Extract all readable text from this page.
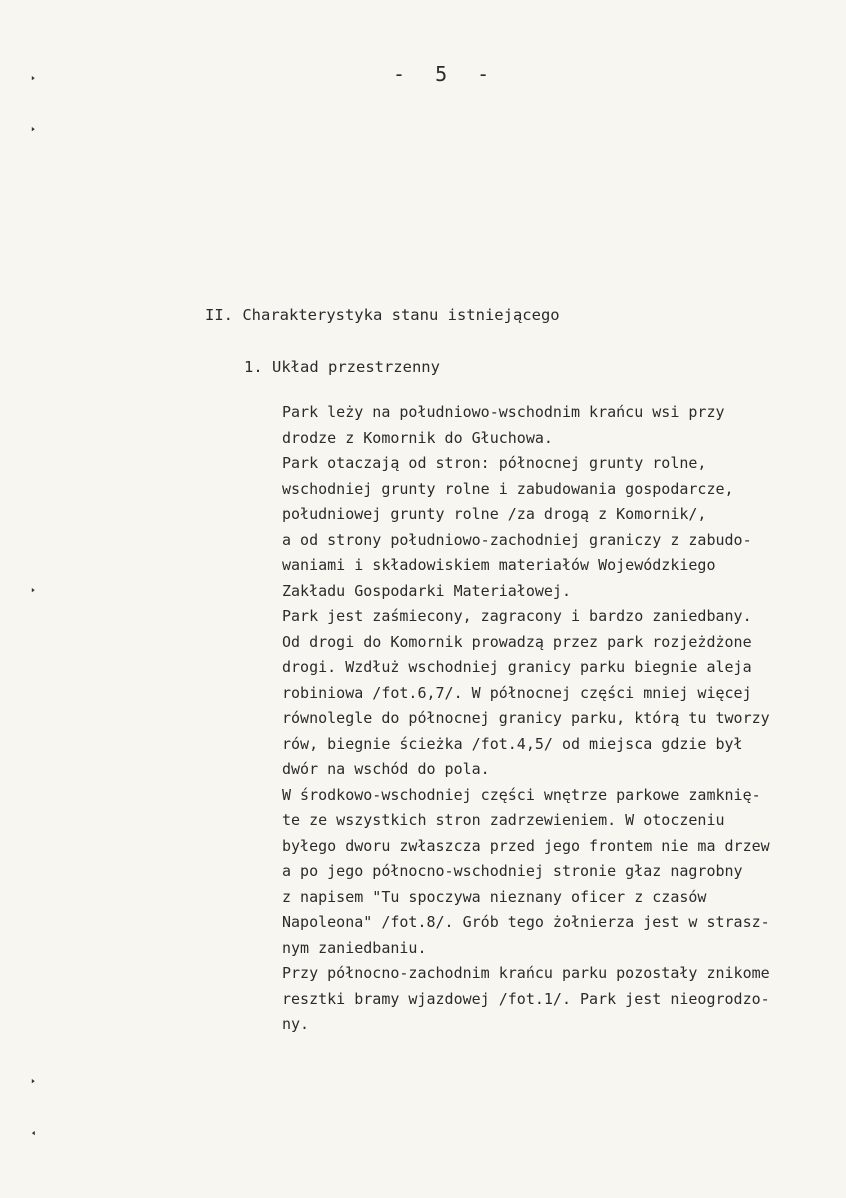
- 5 -
II. Charakterystyka stanu istniejącego
1. Układ przestrzenny
Park leży na południowo-wschodnim krańcu wsi przy
drodze z Komornik do Głuchowa.
Park otaczają od stron: północnej grunty rolne,
wschodniej grunty rolne i zabudowania gospodarcze,
południowej grunty rolne /za drogą z Komornik/,
a od strony południowo-zachodniej graniczy z zabudo-
waniami i składowiskiem materiałów Wojewódzkiego
Zakładu Gospodarki Materiałowej.
Park jest zaśmiecony, zagracony i bardzo zaniedbany.
Od drogi do Komornik prowadzą przez park rozjeżdżone
drogi. Wzdłuż wschodniej granicy parku biegnie aleja
robiniowa /fot.6,7/. W północnej części mniej więcej
równolegle do północnej granicy parku, którą tu tworzy
rów, biegnie ścieżka /fot.4,5/ od miejsca gdzie był
dwór na wschód do pola.
W środkowo-wschodniej części wnętrze parkowe zamknię-
te ze wszystkich stron zadrzewieniem. W otoczeniu
byłego dworu zwłaszcza przed jego frontem nie ma drzew
a po jego północno-wschodniej stronie głaz nagrobny
z napisem "Tu spoczywa nieznany oficer z czasów
Napoleona" /fot.8/. Grób tego żołnierza jest w strasz-
nym zaniedbaniu.
Przy północno-zachodnim krańcu parku pozostały znikome
resztki bramy wjazdowej /fot.1/. Park jest nieogrodzo-
ny.
▸
▸
▸
▸
◂
